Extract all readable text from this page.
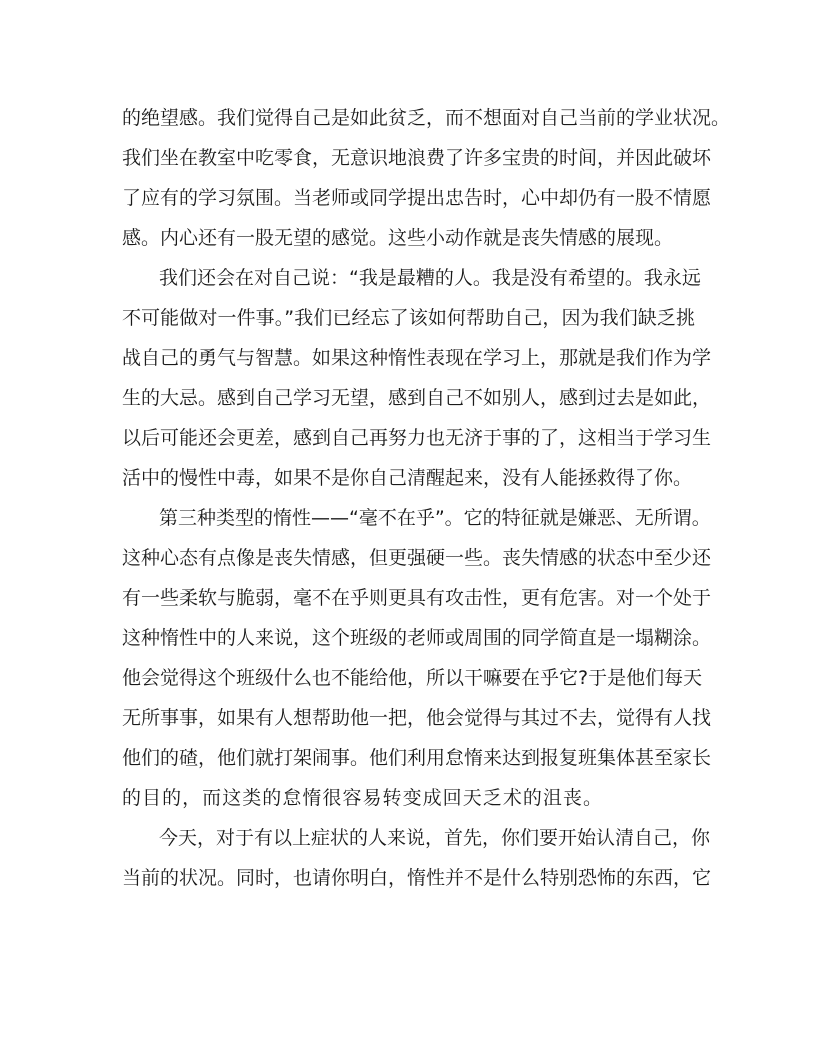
的绝望感。我们觉得自己是如此贫乏，而不想面对自己当前的学业状况。
我们坐在教室中吃零食，无意识地浪费了许多宝贵的时间，并因此破坏
了应有的学习氛围。当老师或同学提出忠告时，心中却仍有一股不情愿
感。内心还有一股无望的感觉。这些小动作就是丧失情感的展现。
我们还会在对自己说：“我是最糟的人。我是没有希望的。我永远
不可能做对一件事。”我们已经忘了该如何帮助自己，因为我们缺乏挑
战自己的勇气与智慧。如果这种惰性表现在学习上，那就是我们作为学
生的大忌。感到自己学习无望，感到自己不如别人，感到过去是如此，
以后可能还会更差，感到自己再努力也无济于事的了，这相当于学习生
活中的慢性中毒，如果不是你自己清醒起来，没有人能拯救得了你。
第三种类型的惰性——“毫不在乎”。它的特征就是嫌恶、无所谓。
这种心态有点像是丧失情感，但更强硬一些。丧失情感的状态中至少还
有一些柔软与脆弱，毫不在乎则更具有攻击性，更有危害。对一个处于
这种惰性中的人来说，这个班级的老师或周围的同学简直是一塌糊涂。
他会觉得这个班级什么也不能给他，所以干嘛要在乎它?于是他们每天
无所事事，如果有人想帮助他一把，他会觉得与其过不去，觉得有人找
他们的碴，他们就打架闹事。他们利用怠惰来达到报复班集体甚至家长
的目的，而这类的怠惰很容易转变成回天乏术的沮丧。
今天，对于有以上症状的人来说，首先，你们要开始认清自己，你
当前的状况。同时，也请你明白，惰性并不是什么特别恐怖的东西，它
